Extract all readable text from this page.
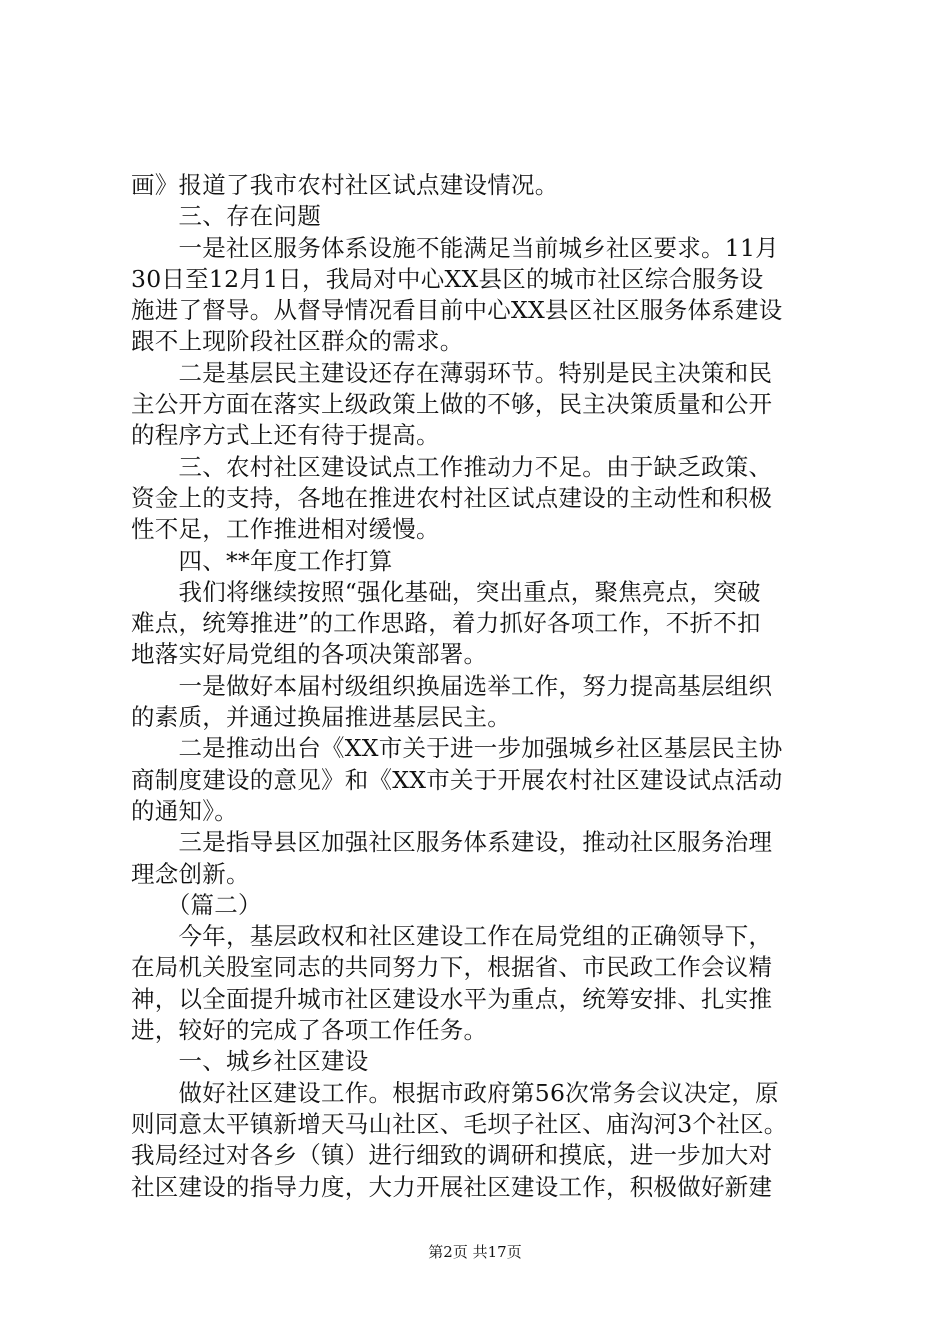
画》报道了我市农村社区试点建设情况。
　　三、存在问题
　　一是社区服务体系设施不能满足当前城乡社区要求。11月
30日至12月1日，我局对中心XX县区的城市社区综合服务设
施进了督导。从督导情况看目前中心XX县区社区服务体系建设
跟不上现阶段社区群众的需求。
　　二是基层民主建设还存在薄弱环节。特别是民主决策和民
主公开方面在落实上级政策上做的不够，民主决策质量和公开
的程序方式上还有待于提高。
　　三、农村社区建设试点工作推动力不足。由于缺乏政策、
资金上的支持，各地在推进农村社区试点建设的主动性和积极
性不足，工作推进相对缓慢。
　　四、**年度工作打算
　　我们将继续按照“强化基础，突出重点，聚焦亮点，突破
难点，统筹推进”的工作思路，着力抓好各项工作，不折不扣
地落实好局党组的各项决策部署。
　　一是做好本届村级组织换届选举工作，努力提高基层组织
的素质，并通过换届推进基层民主。
　　二是推动出台《XX市关于进一步加强城乡社区基层民主协
商制度建设的意见》和《XX市关于开展农村社区建设试点活动
的通知》。
　　三是指导县区加强社区服务体系建设，推动社区服务治理
理念创新。
　　（篇二）
　　今年，基层政权和社区建设工作在局党组的正确领导下，
在局机关股室同志的共同努力下，根据省、市民政工作会议精
神，以全面提升城市社区建设水平为重点，统筹安排、扎实推
进，较好的完成了各项工作任务。
　　一、城乡社区建设
　　做好社区建设工作。根据市政府第56次常务会议决定，原
则同意太平镇新增天马山社区、毛坝子社区、庙沟河3个社区。
我局经过对各乡（镇）进行细致的调研和摸底，进一步加大对
社区建设的指导力度，大力开展社区建设工作，积极做好新建
第2页 共17页
